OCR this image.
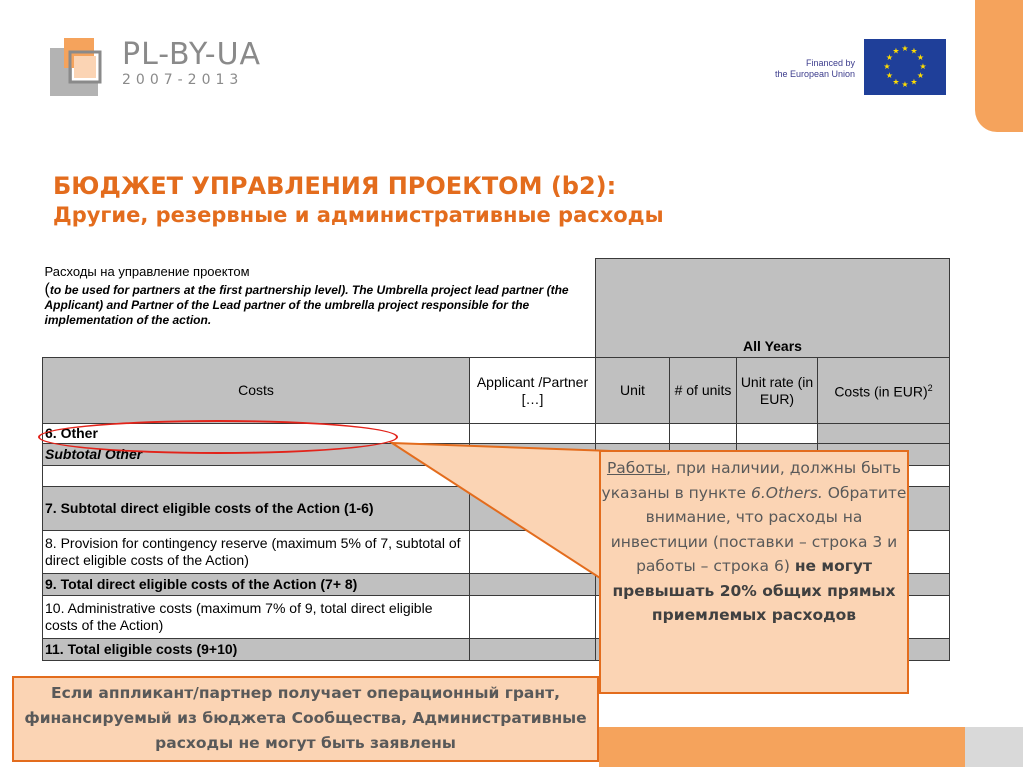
PL-BY-UA
2007-2013
Financed by
the European Union
★ ★
★
★
★
★
★
★
★
★
★
★
БЮДЖЕТ УПРАВЛЕНИЯ ПРОЕКТОМ (b2):
Другие, резервные и административные расходы
Расходы на управление проектом
(to be used for partners at the first partnership level). The Umbrella project lead partner (the Applicant) and Partner of the Lead partner of the umbrella project responsible for the implementation of the action.		All Years			
Costs	Applicant /Partner […]	Unit	# of units	Unit rate (in EUR)	Costs (in EUR)$^2$
6. Other					
Subtotal Other					

7. Subtotal direct eligible costs of the Action (1-6)					
8. Provision for contingency reserve (maximum 5% of 7, subtotal of direct eligible costs of the Action)					
9. Total direct eligible costs of the Action (7+ 8)					
10. Administrative costs (maximum 7% of 9, total direct eligible costs of the Action)					
11. Total eligible costs (9+10)					
Работы, при наличии, должны быть указаны в пункте 6.Others. Обратите внимание, что расходы на инвестиции (поставки – строка 3 и работы – строка 6) не могут превышать 20% общих прямых приемлемых расходов
Если аппликант/партнер получает операционный грант, финансируемый из бюджета Сообщества, Административные расходы не могут быть заявлены
